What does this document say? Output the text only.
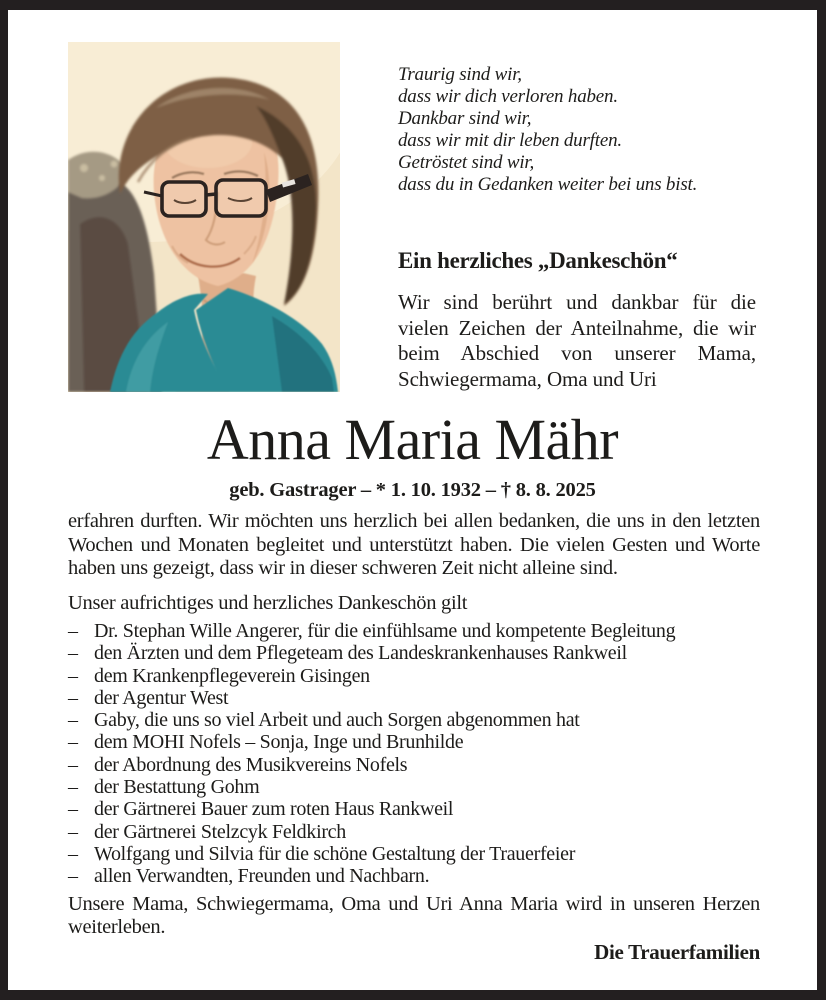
Traurig sind wir,
dass wir dich verloren haben.
Dankbar sind wir,
dass wir mit dir leben durften.
Getröstet sind wir,
dass du in Gedanken weiter bei uns bist.
Ein herzliches „Dankeschön“
Wir sind berührt und dankbar für die vielen Zeichen der Anteilnahme, die wir beim Abschied von unserer Mama, Schwiegermama, Oma und Uri
Anna Maria Mähr
geb. Gastrager – * 1. 10. 1932 – † 8. 8. 2025
erfahren durften. Wir möchten uns herzlich bei allen bedanken, die uns in den letzten Wochen und Monaten begleitet und unterstützt haben. Die vielen Gesten und Worte haben uns gezeigt, dass wir in dieser schweren Zeit nicht alleine sind.
Unser aufrichtiges und herzliches Dankeschön gilt
– Dr. Stephan Wille Angerer, für die einfühlsame und kompetente Begleitung
– den Ärzten und dem Pflegeteam des Landeskrankenhauses Rankweil
– dem Krankenpflegeverein Gisingen
– der Agentur West
– Gaby, die uns so viel Arbeit und auch Sorgen abgenommen hat
– dem MOHI Nofels – Sonja, Inge und Brunhilde
– der Abordnung des Musikvereins Nofels
– der Bestattung Gohm
– der Gärtnerei Bauer zum roten Haus Rankweil
– der Gärtnerei Stelzcyk Feldkirch
– Wolfgang und Silvia für die schöne Gestaltung der Trauerfeier
– allen Verwandten, Freunden und Nachbarn.
Unsere Mama, Schwiegermama, Oma und Uri Anna Maria wird in unseren Herzen weiterleben.
Die Trauerfamilien
